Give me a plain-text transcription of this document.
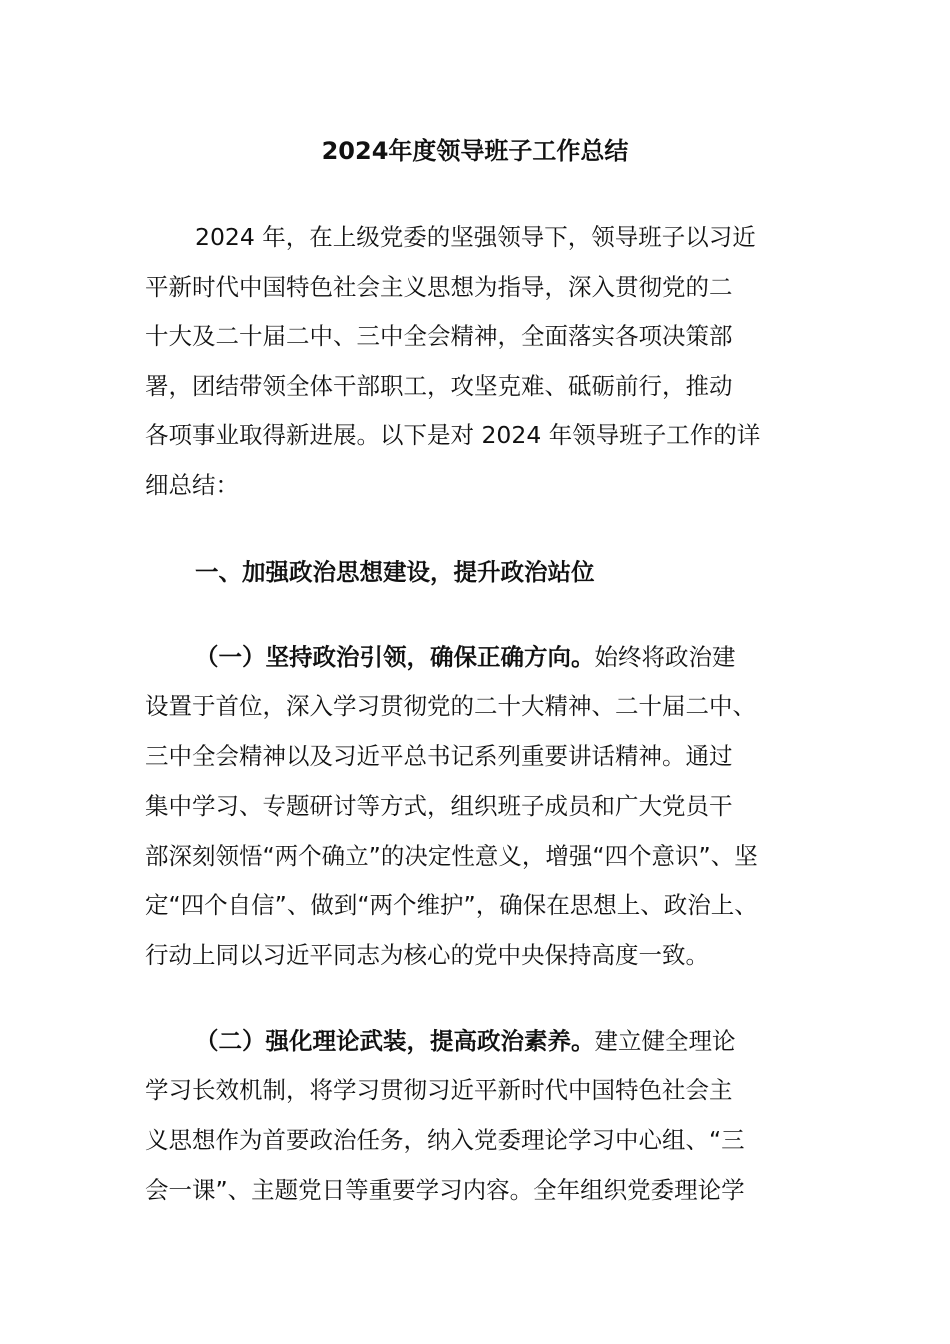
2024年度领导班子工作总结
2024 年，在上级党委的坚强领导下，领导班子以习近
平新时代中国特色社会主义思想为指导，深入贯彻党的二
十大及二十届二中、三中全会精神，全面落实各项决策部
署，团结带领全体干部职工，攻坚克难、砥砺前行，推动
各项事业取得新进展。以下是对 2024 年领导班子工作的详
细总结：
一、加强政治思想建设，提升政治站位
（一）坚持政治引领，确保正确方向。始终将政治建
设置于首位，深入学习贯彻党的二十大精神、二十届二中、
三中全会精神以及习近平总书记系列重要讲话精神。通过
集中学习、专题研讨等方式，组织班子成员和广大党员干
部深刻领悟“两个确立”的决定性意义，增强“四个意识”、坚
定“四个自信”、做到“两个维护”，确保在思想上、政治上、
行动上同以习近平同志为核心的党中央保持高度一致。
（二）强化理论武装，提高政治素养。建立健全理论
学习长效机制，将学习贯彻习近平新时代中国特色社会主
义思想作为首要政治任务，纳入党委理论学习中心组、“三
会一课”、主题党日等重要学习内容。全年组织党委理论学
